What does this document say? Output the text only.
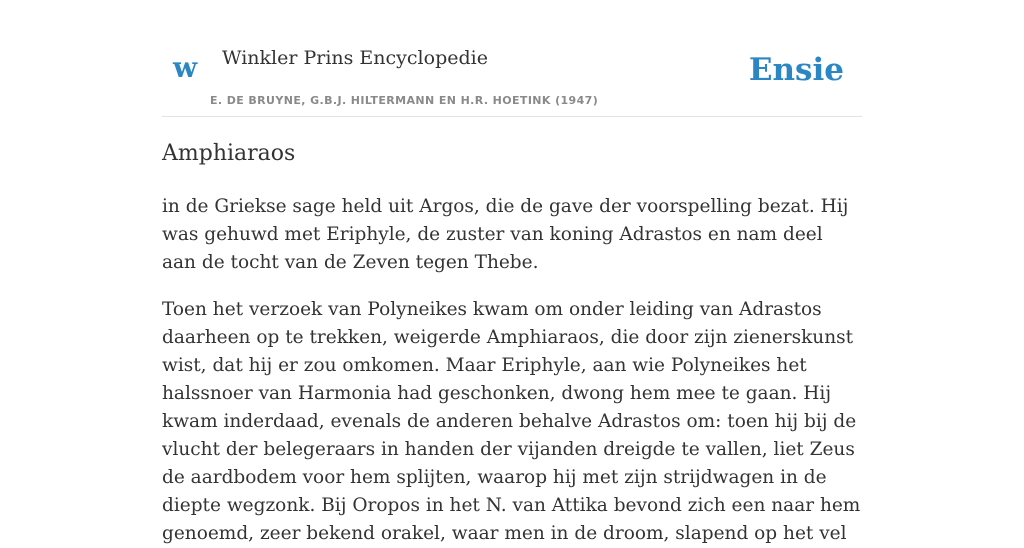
w Winkler Prins Encyclopedie
E. DE BRUYNE, G.B.J. HILTERMANN EN H.R. HOETINK (1947)
Ensie
Amphiaraos

in de Griekse sage held uit Argos, die de gave der voorspelling bezat. Hij was gehuwd met Eriphyle, de zuster van koning Adrastos en nam deel aan de tocht van de Zeven tegen Thebe.

Toen het verzoek van Polyneikes kwam om onder leiding van Adrastos daarheen op te trekken, weigerde Amphiaraos, die door zijn zienerskunst wist, dat hij er zou omkomen. Maar Eriphyle, aan wie Polyneikes het halssnoer van Harmonia had geschonken, dwong hem mee te gaan. Hij kwam inderdaad, evenals de anderen behalve Adrastos om: toen hij bij de vlucht der belegeraars in handen der vijanden dreigde te vallen, liet Zeus de aardbodem voor hem splijten, waarop hij met zijn strijdwagen in de diepte wegzonk. Bij Oropos in het N. van Attika bevond zich een naar hem genoemd, zeer bekend orakel, waar men in de droom, slapend op het vel
